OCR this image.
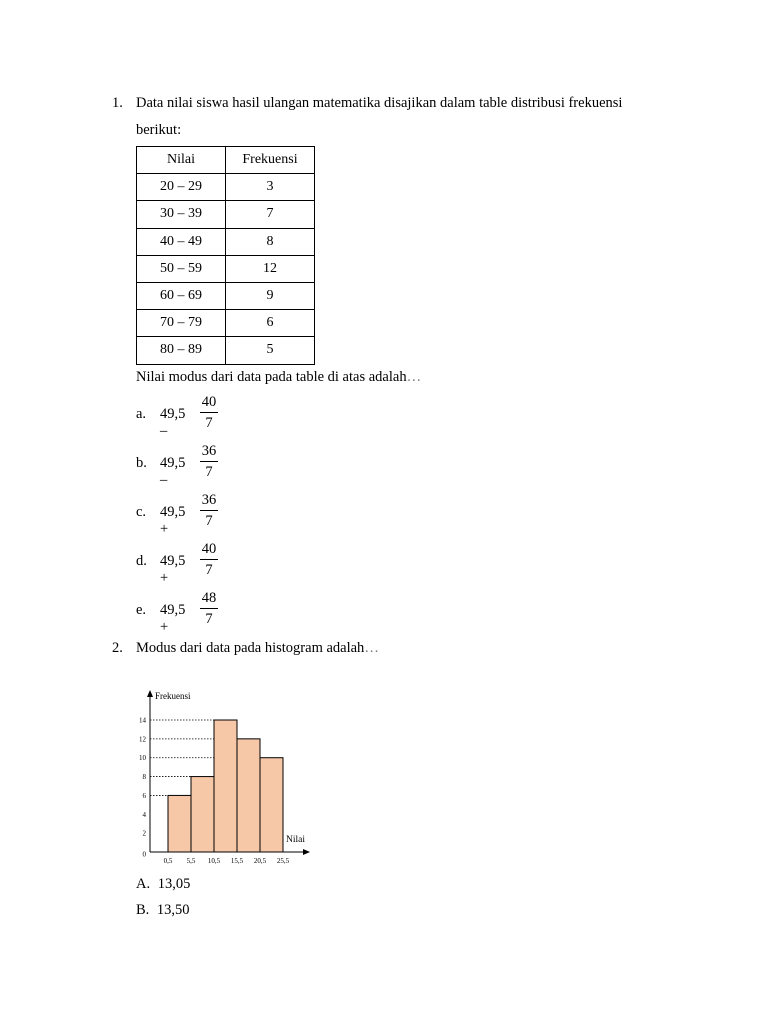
1. Data nilai siswa hasil ulangan matematika disajikan dalam table distribusi frekuensi
berikut:
Nilai	Frekuensi
20 – 29	3
30 – 39	7
40 – 49	8
50 – 59	12
60 – 69	9
70 – 79	6
80 – 89	5
Nilai modus dari data pada table di atas adalah…
a. 49,5 –
40
7
b. 49,5 –
36
7
c. 49,5 +
36
7
d. 49,5 +
40
7
e. 49,5 +
48
7
2. Modus dari data pada histogram adalah…
0
2
4
6
8
10
12
14
0,5 5,5 10,5 15,5 20,5 25,5
Frekuensi
Nilai
A. 13,05
B. 13,50
